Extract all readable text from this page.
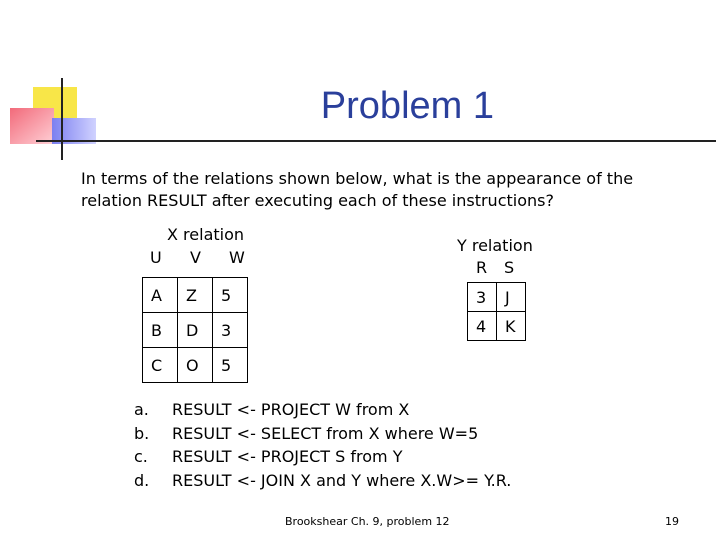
Problem 1
In terms of the relations shown below, what is the appearance of the relation RESULT after executing each of these instructions?
X relation
U V W
A	Z	5
B	D	3
C	O	5
Y relation
R S
3	J
4	K
a.	RESULT <- PROJECT W from X
b.	RESULT <- SELECT from X where W=5
c.	RESULT <- PROJECT S from Y
d.	RESULT <- JOIN X and Y where X.W>= Y.R.
Brookshear Ch. 9, problem 12	19
